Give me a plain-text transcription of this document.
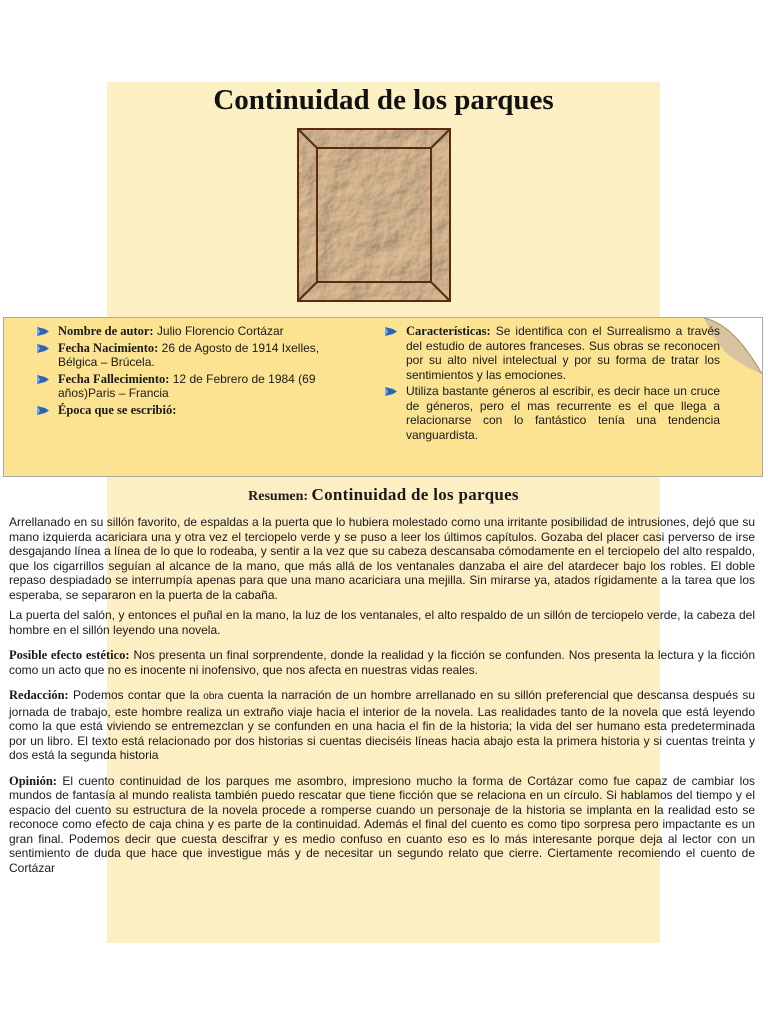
Continuidad de los parques
Nombre de autor: Julio Florencio Cortázar
Fecha Nacimiento: 26 de Agosto de 1914 Ixelles, Bélgica – Brúcela.
Fecha Fallecimiento: 12 de Febrero de 1984 (69 años)Paris – Francia
Época que se escribió:
Características: Se identifica con el Surrealismo a través del estudio de autores franceses. Sus obras se reconocen por su alto nivel intelectual y por su forma de tratar los sentimientos y las emociones.
Utiliza bastante géneros al escribir, es decir hace un cruce de géneros, pero el mas recurrente es el que llega a relacionarse con lo fantástico tenía una tendencia vanguardista.
Resumen: Continuidad de los parques

Arrellanado en su sillón favorito, de espaldas a la puerta que lo hubiera molestado como una irritante posibilidad de intrusiones, dejó que su mano izquierda acariciara una y otra vez el terciopelo verde y se puso a leer los últimos capítulos. Gozaba del placer casi perverso de irse desgajando línea a línea de lo que lo rodeaba, y sentir a la vez que su cabeza descansaba cómodamente en el terciopelo del alto respaldo, que los cigarrillos seguían al alcance de la mano, que más allá de los ventanales danzaba el aire del atardecer bajo los robles. El doble repaso despiadado se interrumpía apenas para que una mano acariciara una mejilla. Sin mirarse ya, atados rígidamente a la tarea que los esperaba, se separaron en la puerta de la cabaña.

La puerta del salón, y entonces el puñal en la mano, la luz de los ventanales, el alto respaldo de un sillón de terciopelo verde, la cabeza del hombre en el sillón leyendo una novela.

Posible efecto estético: Nos presenta un final sorprendente, donde la realidad y la ficción se confunden. Nos presenta la lectura y la ficción como un acto que no es inocente ni inofensivo, que nos afecta en nuestras vidas reales.

Redacción: Podemos contar que la obra cuenta la narración de un hombre arrellanado en su sillón preferencial que descansa después su jornada de trabajo, este hombre realiza un extraño viaje hacia el interior de la novela. Las realidades tanto de la novela que está leyendo como la que está viviendo se entremezclan y se confunden en una hacia el fin de la historia; la vida del ser humano esta predeterminada por un libro. El texto está relacionado por dos historias si cuentas dieciséis líneas hacia abajo esta la primera historia y si cuentas treinta y dos está la segunda historia

Opinión: El cuento continuidad de los parques me asombro, impresiono mucho la forma de Cortázar como fue capaz de cambiar los mundos de fantasía al mundo realista también puedo rescatar que tiene ficción que se relaciona en un círculo. Si hablamos del tiempo y el espacio del cuento su estructura de la novela procede a romperse cuando un personaje de la historia se implanta en la realidad esto se reconoce como efecto de caja china y es parte de la continuidad. Además el final del cuento es como tipo sorpresa pero impactante es un gran final. Podemos decir que cuesta descifrar y es medio confuso en cuanto eso es lo más interesante porque deja al lector con un sentimiento de duda que hace que investigue más y de necesitar un segundo relato que cierre. Ciertamente recomiendo el cuento de Cortázar
